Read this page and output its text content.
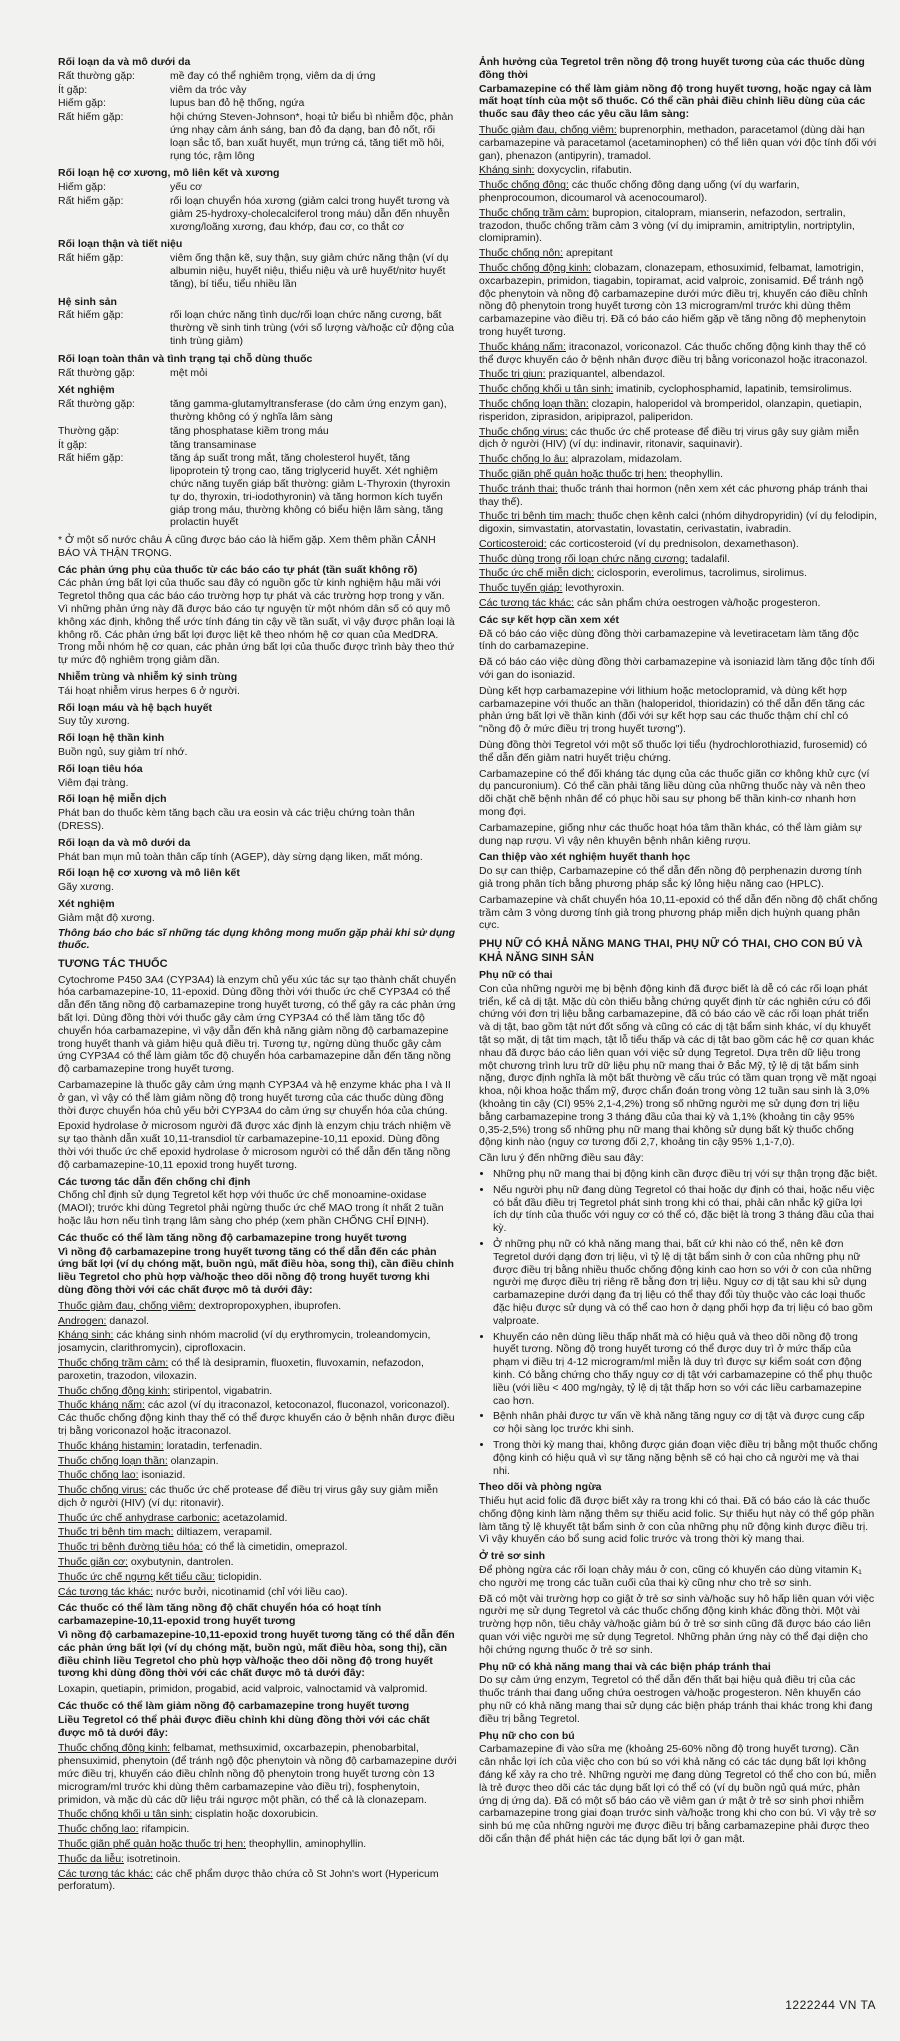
Rối loạn da và mô dưới da
Rất thường gặp:	mề đay có thể nghiêm trọng, viêm da dị ứng
Ít gặp:	viêm da tróc vảy
Hiếm gặp:	lupus ban đỏ hệ thống, ngứa
Rất hiếm gặp:	hội chứng Steven-Johnson*, hoại tử biểu bì nhiễm độc, phản ứng nhạy cảm ánh sáng, ban đỏ đa dạng, ban đỏ nốt, rối loạn sắc tố, ban xuất huyết, mụn trứng cá, tăng tiết mồ hôi, rụng tóc, rậm lông
Rối loạn hệ cơ xương, mô liên kết và xương
Hiếm gặp:	yếu cơ
Rất hiếm gặp:	rối loạn chuyển hóa xương (giảm calci trong huyết tương và giảm 25-hydroxy-cholecalciferol trong máu) dẫn đến nhuyễn xương/loãng xương, đau khớp, đau cơ, co thắt cơ
Rối loạn thận và tiết niệu
Rất hiếm gặp:	viêm ống thận kẽ, suy thận, suy giảm chức năng thận (ví dụ albumin niệu, huyết niệu, thiểu niệu và urê huyết/nitơ huyết tăng), bí tiểu, tiểu nhiều lần
Hệ sinh sản
Rất hiếm gặp:	rối loạn chức năng tình dục/rối loạn chức năng cương, bất thường về sinh tinh trùng (với số lượng và/hoặc cử động của tinh trùng giảm)
Rối loạn toàn thân và tình trạng tại chỗ dùng thuốc
Rất thường gặp:	mệt mỏi
Xét nghiệm
Rất thường gặp:	tăng gamma-glutamyltransferase (do cảm ứng enzym gan), thường không có ý nghĩa lâm sàng
Thường gặp:	tăng phosphatase kiềm trong máu
Ít gặp:	tăng transaminase
Rất hiếm gặp:	tăng áp suất trong mắt, tăng cholesterol huyết, tăng lipoprotein tỷ trọng cao, tăng triglycerid huyết. Xét nghiệm chức năng tuyến giáp bất thường: giảm L-Thyroxin (thyroxin tự do, thyroxin, tri-iodothyronin) và tăng hormon kích tuyến giáp trong máu, thường không có biểu hiện lâm sàng, tăng prolactin huyết
* Ở một số nước châu Á cũng được báo cáo là hiếm gặp. Xem thêm phần CẢNH BÁO VÀ THẬN TRỌNG.
Các phản ứng phụ của thuốc từ các báo cáo tự phát (tần suất không rõ)
Các phản ứng bất lợi của thuốc sau đây có nguồn gốc từ kinh nghiệm hậu mãi với Tegretol thông qua các báo cáo trường hợp tự phát và các trường hợp trong y văn. Vì những phản ứng này đã được báo cáo tự nguyện từ một nhóm dân số có quy mô không xác định, không thể ước tính đáng tin cậy về tần suất, vì vậy được phân loại là không rõ. Các phản ứng bất lợi được liệt kê theo nhóm hệ cơ quan của MedDRA. Trong mỗi nhóm hệ cơ quan, các phản ứng bất lợi của thuốc được trình bày theo thứ tự mức độ nghiêm trọng giảm dần.
Nhiễm trùng và nhiễm ký sinh trùng
Tái hoạt nhiễm virus herpes 6 ở người.
Rối loạn máu và hệ bạch huyết
Suy tủy xương.
Rối loạn hệ thần kinh
Buồn ngủ, suy giảm trí nhớ.
Rối loạn tiêu hóa
Viêm đại tràng.
Rối loạn hệ miễn dịch
Phát ban do thuốc kèm tăng bạch cầu ưa eosin và các triệu chứng toàn thân (DRESS).
Rối loạn da và mô dưới da
Phát ban mụn mủ toàn thân cấp tính (AGEP), dày sừng dạng liken, mất móng.
Rối loạn hệ cơ xương và mô liên kết
Gãy xương.
Xét nghiệm
Giảm mật độ xương.
Thông báo cho bác sĩ những tác dụng không mong muốn gặp phải khi sử dụng thuốc.
TƯƠNG TÁC THUỐC
Cytochrome P450 3A4 (CYP3A4) là enzym chủ yếu xúc tác sự tạo thành chất chuyển hóa carbamazepine-10, 11-epoxid. Dùng đồng thời với thuốc ức chế CYP3A4 có thể dẫn đến tăng nồng độ carbamazepine trong huyết tương, có thể gây ra các phản ứng bất lợi. Dùng đồng thời với thuốc gây cảm ứng CYP3A4 có thể làm tăng tốc độ chuyển hóa carbamazepine, vì vậy dẫn đến khả năng giảm nồng độ carbamazepine trong huyết thanh và giảm hiệu quả điều trị. Tương tự, ngừng dùng thuốc gây cảm ứng CYP3A4 có thể làm giảm tốc độ chuyển hóa carbamazepine dẫn đến tăng nồng độ carbamazepine trong huyết tương.
Carbamazepine là thuốc gây cảm ứng mạnh CYP3A4 và hệ enzyme khác pha I và II ở gan, vì vậy có thể làm giảm nồng độ trong huyết tương của các thuốc dùng đồng thời được chuyển hóa chủ yếu bởi CYP3A4 do cảm ứng sự chuyển hóa của chúng.
Epoxid hydrolase ở microsom người đã được xác định là enzym chịu trách nhiệm về sự tạo thành dẫn xuất 10,11-transdiol từ carbamazepine-10,11 epoxid. Dùng đồng thời với thuốc ức chế epoxid hydrolase ở microsom người có thể dẫn đến tăng nồng độ carbamazepine-10,11 epoxid trong huyết tương.
Các tương tác dẫn đến chống chỉ định
Chống chỉ định sử dụng Tegretol kết hợp với thuốc ức chế monoamine-oxidase (MAOI); trước khi dùng Tegretol phải ngừng thuốc ức chế MAO trong ít nhất 2 tuần hoặc lâu hơn nếu tình trạng lâm sàng cho phép (xem phần CHỐNG CHỈ ĐỊNH).
Các thuốc có thể làm tăng nồng độ carbamazepine trong huyết tương
Vì nồng độ carbamazepine trong huyết tương tăng có thể dẫn đến các phản ứng bất lợi (ví dụ chóng mặt, buồn ngủ, mất điều hòa, song thị), cần điều chỉnh liều Tegretol cho phù hợp và/hoặc theo dõi nồng độ trong huyết tương khi dùng đồng thời với các chất được mô tả dưới đây:
Thuốc giảm đau, chống viêm: dextropropoxyphen, ibuprofen.
Androgen: danazol.
Kháng sinh: các kháng sinh nhóm macrolid (ví dụ erythromycin, troleandomycin, josamycin, clarithromycin), ciprofloxacin.
Thuốc chống trầm cảm: có thể là desipramin, fluoxetin, fluvoxamin, nefazodon, paroxetin, trazodon, viloxazin.
Thuốc chống động kinh: stiripentol, vigabatrin.
Thuốc kháng nấm: các azol (ví dụ itraconazol, ketoconazol, fluconazol, voriconazol). Các thuốc chống động kinh thay thế có thể được khuyến cáo ở bệnh nhân được điều trị bằng voriconazol hoặc itraconazol.
Thuốc kháng histamin: loratadin, terfenadin.
Thuốc chống loạn thần: olanzapin.
Thuốc chống lao: isoniazid.
Thuốc chống virus: các thuốc ức chế protease để điều trị virus gây suy giảm miễn dịch ở người (HIV) (ví dụ: ritonavir).
Thuốc ức chế anhydrase carbonic: acetazolamid.
Thuốc trị bệnh tim mạch: diltiazem, verapamil.
Thuốc trị bệnh đường tiêu hóa: có thể là cimetidin, omeprazol.
Thuốc giãn cơ: oxybutynin, dantrolen.
Thuốc ức chế ngưng kết tiểu cầu: ticlopidin.
Các tương tác khác: nước bưởi, nicotinamid (chỉ với liều cao).
Các thuốc có thể làm tăng nồng độ chất chuyển hóa có hoạt tính carbamazepine-10,11-epoxid trong huyết tương
Vì nồng độ carbamazepine-10,11-epoxid trong huyết tương tăng có thể dẫn đến các phản ứng bất lợi (ví dụ chóng mặt, buồn ngủ, mất điều hòa, song thị), cần điều chỉnh liều Tegretol cho phù hợp và/hoặc theo dõi nồng độ trong huyết tương khi dùng đồng thời với các chất được mô tả dưới đây:
Loxapin, quetiapin, primidon, progabid, acid valproic, valnoctamid và valpromid.
Các thuốc có thể làm giảm nồng độ carbamazepine trong huyết tương
Liều Tegretol có thể phải được điều chỉnh khi dùng đồng thời với các chất được mô tả dưới đây:
Thuốc chống động kinh: felbamat, methsuximid, oxcarbazepin, phenobarbital, phensuximid, phenytoin (để tránh ngộ độc phenytoin và nồng độ carbamazepine dưới mức điều trị, khuyến cáo điều chỉnh nồng độ phenytoin trong huyết tương còn 13 microgram/ml trước khi dùng thêm carbamazepine vào điều trị), fosphenytoin, primidon, và mặc dù các dữ liệu trái ngược một phần, có thể cả là clonazepam.
Thuốc chống khối u tân sinh: cisplatin hoặc doxorubicin.
Thuốc chống lao: rifampicin.
Thuốc giãn phế quản hoặc thuốc trị hen: theophyllin, aminophyllin.
Thuốc da liễu: isotretinoin.
Các tương tác khác: các chế phẩm dược thảo chứa cỏ St John's wort (Hypericum perforatum).
Ảnh hưởng của Tegretol trên nồng độ trong huyết tương của các thuốc dùng đồng thời
Carbamazepine có thể làm giảm nồng độ trong huyết tương, hoặc ngay cả làm mất hoạt tính của một số thuốc. Có thể cần phải điều chỉnh liều dùng của các thuốc sau đây theo các yêu cầu lâm sàng:
Thuốc giảm đau, chống viêm: buprenorphin, methadon, paracetamol (dùng dài hạn carbamazepine và paracetamol (acetaminophen) có thể liên quan với độc tính đối với gan), phenazon (antipyrin), tramadol.
Kháng sinh: doxycyclin, rifabutin.
Thuốc chống đông: các thuốc chống đông dạng uống (ví dụ warfarin, phenprocoumon, dicoumarol và acenocoumarol).
Thuốc chống trầm cảm: bupropion, citalopram, mianserin, nefazodon, sertralin, trazodon, thuốc chống trầm cảm 3 vòng (ví dụ imipramin, amitriptylin, nortriptylin, clomipramin).
Thuốc chống nôn: aprepitant
Thuốc chống động kinh: clobazam, clonazepam, ethosuximid, felbamat, lamotrigin, oxcarbazepin, primidon, tiagabin, topiramat, acid valproic, zonisamid. Để tránh ngộ độc phenytoin và nồng độ carbamazepine dưới mức điều trị, khuyến cáo điều chỉnh nồng độ phenytoin trong huyết tương còn 13 microgram/ml trước khi dùng thêm carbamazepine vào điều trị. Đã có báo cáo hiếm gặp về tăng nồng độ mephenytoin trong huyết tương.
Thuốc kháng nấm: itraconazol, voriconazol. Các thuốc chống động kinh thay thế có thể được khuyến cáo ở bệnh nhân được điều trị bằng voriconazol hoặc itraconazol.
Thuốc trị giun: praziquantel, albendazol.
Thuốc chống khối u tân sinh: imatinib, cyclophosphamid, lapatinib, temsirolimus.
Thuốc chống loạn thần: clozapin, haloperidol và bromperidol, olanzapin, quetiapin, risperidon, ziprasidon, aripiprazol, paliperidon.
Thuốc chống virus: các thuốc ức chế protease để điều trị virus gây suy giảm miễn dịch ở người (HIV) (ví dụ: indinavir, ritonavir, saquinavir).
Thuốc chống lo âu: alprazolam, midazolam.
Thuốc giãn phế quản hoặc thuốc trị hen: theophyllin.
Thuốc tránh thai: thuốc tránh thai hormon (nên xem xét các phương pháp tránh thai thay thế).
Thuốc trị bệnh tim mạch: thuốc chẹn kênh calci (nhóm dihydropyridin) (ví dụ felodipin, digoxin, simvastatin, atorvastatin, lovastatin, cerivastatin, ivabradin.
Corticosteroid: các corticosteroid (ví dụ prednisolon, dexamethason).
Thuốc dùng trong rối loạn chức năng cương: tadalafil.
Thuốc ức chế miễn dịch: ciclosporin, everolimus, tacrolimus, sirolimus.
Thuốc tuyến giáp: levothyroxin.
Các tương tác khác: các sản phẩm chứa oestrogen và/hoặc progesteron.
Các sự kết hợp cần xem xét
Đã có báo cáo việc dùng đồng thời carbamazepine và levetiracetam làm tăng độc tính do carbamazepine.
Đã có báo cáo việc dùng đồng thời carbamazepine và isoniazid làm tăng độc tính đối với gan do isoniazid.
Dùng kết hợp carbamazepine với lithium hoặc metoclopramid, và dùng kết hợp carbamazepine với thuốc an thần (haloperidol, thioridazin) có thể dẫn đến tăng các phản ứng bất lợi về thần kinh (đối với sự kết hợp sau các thuốc thậm chí chỉ có "nồng độ ở mức điều trị trong huyết tương").
Dùng đồng thời Tegretol với một số thuốc lợi tiểu (hydrochlorothiazid, furosemid) có thể dẫn đến giảm natri huyết triệu chứng.
Carbamazepine có thể đối kháng tác dụng của các thuốc giãn cơ không khử cực (ví dụ pancuronium). Có thể cần phải tăng liều dùng của những thuốc này và nên theo dõi chặt chẽ bệnh nhân để có phục hồi sau sự phong bế thần kinh-cơ nhanh hơn mong đợi.
Carbamazepine, giống như các thuốc hoạt hóa tâm thần khác, có thể làm giảm sự dung nạp rượu. Vì vậy nên khuyên bệnh nhân kiêng rượu.
Can thiệp vào xét nghiệm huyết thanh học
Do sự can thiệp, Carbamazepine có thể dẫn đến nồng độ perphenazin dương tính giả trong phân tích bằng phương pháp sắc ký lỏng hiệu năng cao (HPLC).
Carbamazepine và chất chuyển hóa 10,11-epoxid có thể dẫn đến nồng độ chất chống trầm cảm 3 vòng dương tính giả trong phương pháp miễn dịch huỳnh quang phân cực.
PHỤ NỮ CÓ KHẢ NĂNG MANG THAI, PHỤ NỮ CÓ THAI, CHO CON BÚ VÀ KHẢ NĂNG SINH SẢN
Phụ nữ có thai
Con của những người mẹ bị bệnh động kinh đã được biết là dễ có các rối loạn phát triển, kể cả dị tật. Mặc dù còn thiếu bằng chứng quyết định từ các nghiên cứu có đối chứng với đơn trị liệu bằng carbamazepine, đã có báo cáo về các rối loạn phát triển và dị tật, bao gồm tật nứt đốt sống và cũng có các dị tật bẩm sinh khác, ví dụ khuyết tật sọ mặt, dị tật tim mạch, tật lỗ tiểu thấp và các dị tật bao gồm các hệ cơ quan khác nhau đã được báo cáo liên quan với việc sử dụng Tegretol. Dựa trên dữ liệu trong một chương trình lưu trữ dữ liệu phụ nữ mang thai ở Bắc Mỹ, tỷ lệ dị tật bẩm sinh nặng, được định nghĩa là một bất thường về cấu trúc có tầm quan trọng về mặt ngoại khoa, nội khoa hoặc thẩm mỹ, được chẩn đoán trong vòng 12 tuần sau sinh là 3,0% (khoảng tin cậy (CI) 95% 2,1-4,2%) trong số những người mẹ sử dụng đơn trị liệu bằng carbamazepine trong 3 tháng đầu của thai kỳ và 1,1% (khoảng tin cậy 95% 0,35-2,5%) trong số những phụ nữ mang thai không sử dụng bất kỳ thuốc chống động kinh nào (nguy cơ tương đối 2,7, khoảng tin cậy 95% 1,1-7,0).
Cần lưu ý đến những điều sau đây:
• Những phụ nữ mang thai bị động kinh cần được điều trị với sự thận trọng đặc biệt.
• Nếu người phụ nữ đang dùng Tegretol có thai hoặc dự định có thai, hoặc nếu việc có bắt đầu điều trị Tegretol phát sinh trong khi có thai, phải cân nhắc kỹ giữa lợi ích dự tính của thuốc với nguy cơ có thể có, đặc biệt là trong 3 tháng đầu của thai kỳ.
• Ở những phụ nữ có khả năng mang thai, bất cứ khi nào có thể, nên kê đơn Tegretol dưới dạng đơn trị liệu, vì tỷ lệ dị tật bẩm sinh ở con của những phụ nữ được điều trị bằng nhiều thuốc chống động kinh cao hơn so với ở con của những người mẹ được điều trị riêng rẽ bằng đơn trị liệu. Nguy cơ dị tật sau khi sử dụng carbamazepine dưới dạng đa trị liệu có thể thay đổi tùy thuộc vào các loại thuốc đặc hiệu được sử dụng và có thể cao hơn ở dạng phối hợp đa trị liệu có bao gồm valproate.
• Khuyến cáo nên dùng liều thấp nhất mà có hiệu quả và theo dõi nồng độ trong huyết tương. Nồng độ trong huyết tương có thể được duy trì ở mức thấp của phạm vi điều trị 4-12 microgram/ml miễn là duy trì được sự kiểm soát cơn động kinh. Có bằng chứng cho thấy nguy cơ dị tật với carbamazepine có thể phụ thuộc liều (với liều < 400 mg/ngày, tỷ lệ dị tật thấp hơn so với các liều carbamazepine cao hơn.
• Bệnh nhân phải được tư vấn về khả năng tăng nguy cơ dị tật và được cung cấp cơ hội sàng lọc trước khi sinh.
• Trong thời kỳ mang thai, không được gián đoạn việc điều trị bằng một thuốc chống động kinh có hiệu quả vì sự tăng nặng bệnh sẽ có hại cho cả người mẹ và thai nhi.
Theo dõi và phòng ngừa
Thiếu hụt acid folic đã được biết xảy ra trong khi có thai. Đã có báo cáo là các thuốc chống động kinh làm nặng thêm sự thiếu acid folic. Sự thiếu hụt này có thể góp phần làm tăng tỷ lệ khuyết tật bẩm sinh ở con của những phụ nữ động kinh được điều trị. Vì vậy khuyến cáo bổ sung acid folic trước và trong thời kỳ mang thai.
Ở trẻ sơ sinh
Để phòng ngừa các rối loạn chảy máu ở con, cũng có khuyến cáo dùng vitamin K₁ cho người mẹ trong các tuần cuối của thai kỳ cũng như cho trẻ sơ sinh.
Đã có một vài trường hợp co giật ở trẻ sơ sinh và/hoặc suy hô hấp liên quan với việc người mẹ sử dụng Tegretol và các thuốc chống động kinh khác đồng thời. Một vài trường hợp nôn, tiêu chảy và/hoặc giảm bú ở trẻ sơ sinh cũng đã được báo cáo liên quan với việc người mẹ sử dụng Tegretol. Những phản ứng này có thể đại diện cho hội chứng ngưng thuốc ở trẻ sơ sinh.
Phụ nữ có khả năng mang thai và các biện pháp tránh thai
Do sự cảm ứng enzym, Tegretol có thể dẫn đến thất bại hiệu quả điều trị của các thuốc tránh thai đang uống chứa oestrogen và/hoặc progesteron. Nên khuyến cáo phụ nữ có khả năng mang thai sử dụng các biện pháp tránh thai khác trong khi đang điều trị bằng Tegretol.
Phụ nữ cho con bú
Carbamazepine đi vào sữa mẹ (khoảng 25-60% nồng độ trong huyết tương). Cần cân nhắc lợi ích của việc cho con bú so với khả năng có các tác dụng bất lợi không đáng kể xảy ra cho trẻ. Những người mẹ đang dùng Tegretol có thể cho con bú, miễn là trẻ được theo dõi các tác dụng bất lợi có thể có (ví dụ buồn ngủ quá mức, phản ứng dị ứng da). Đã có một số báo cáo về viêm gan ứ mật ở trẻ sơ sinh phơi nhiễm carbamazepine trong giai đoạn trước sinh và/hoặc trong khi cho con bú. Vì vậy trẻ sơ sinh bú mẹ của những người mẹ được điều trị bằng carbamazepine phải được theo dõi cẩn thận để phát hiện các tác dụng bất lợi ở gan mật.
1222244 VN TA
